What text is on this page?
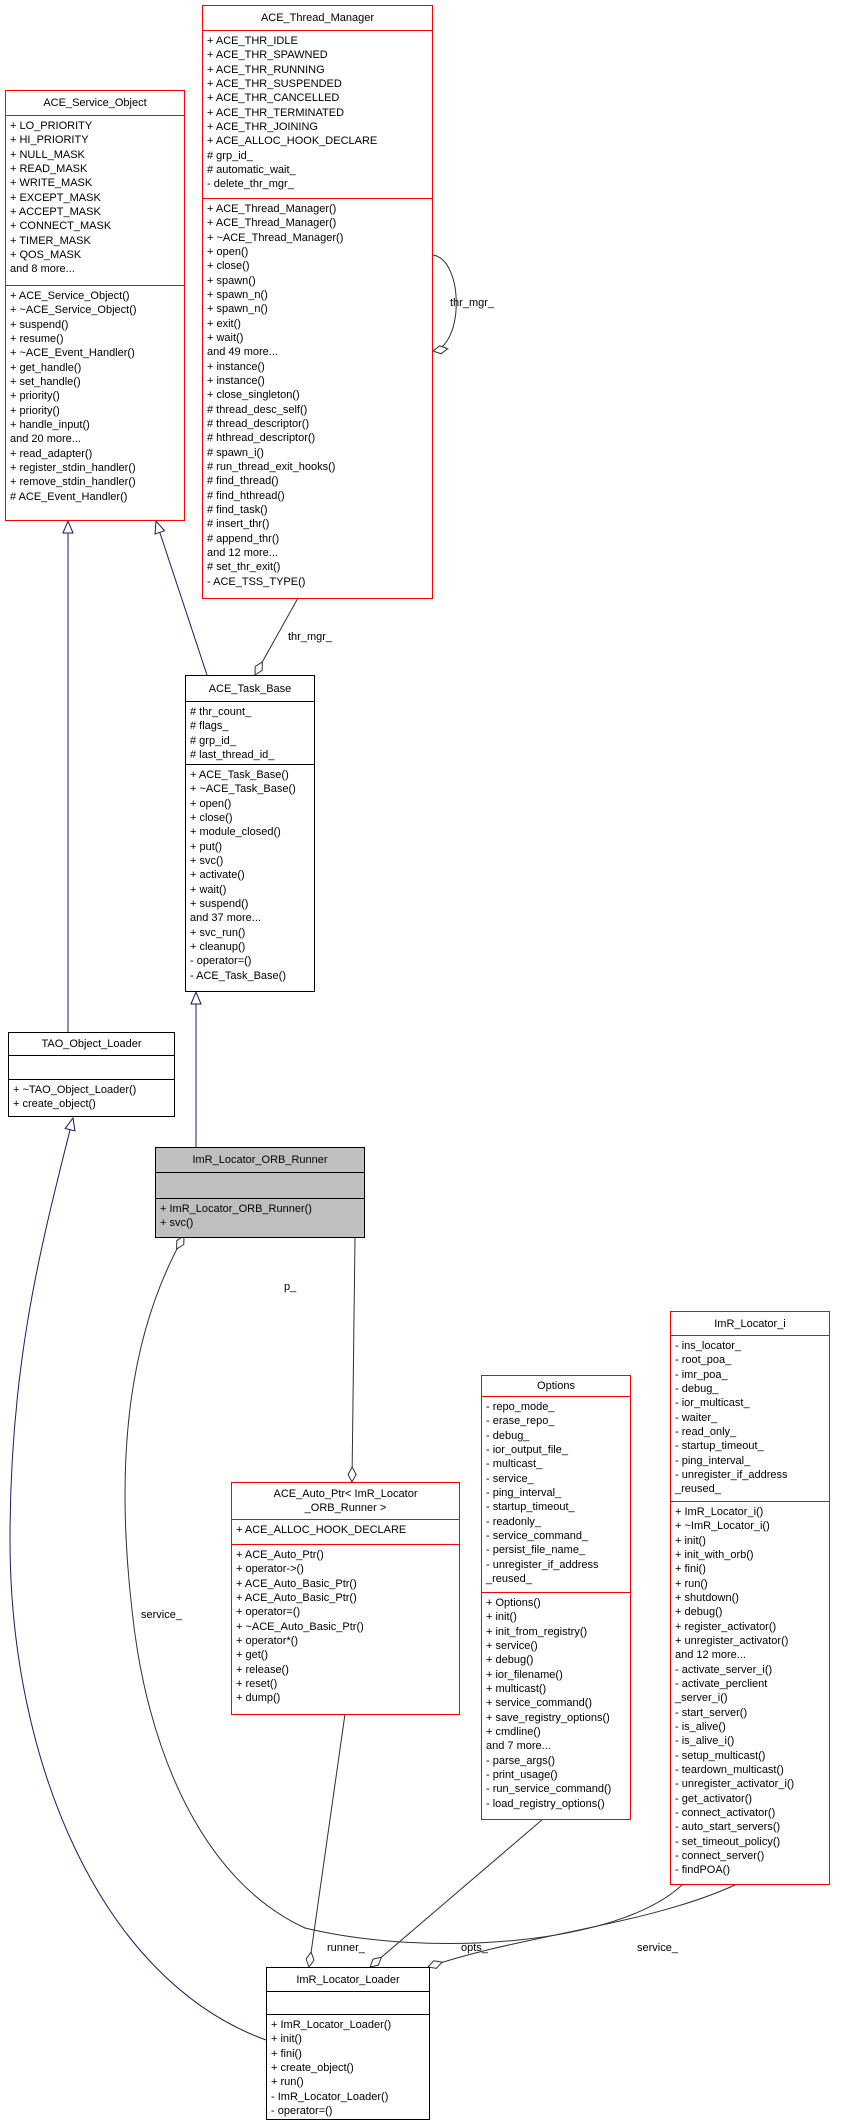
ACE_Thread_Manager
+ ACE_THR_IDLE
+ ACE_THR_SPAWNED
+ ACE_THR_RUNNING
+ ACE_THR_SUSPENDED
+ ACE_THR_CANCELLED
+ ACE_THR_TERMINATED
+ ACE_THR_JOINING
+ ACE_ALLOC_HOOK_DECLARE
# grp_id_
# automatic_wait_
- delete_thr_mgr_
+ ACE_Thread_Manager()
+ ACE_Thread_Manager()
+ ~ACE_Thread_Manager()
+ open()
+ close()
+ spawn()
+ spawn_n()
+ spawn_n()
+ exit()
+ wait()
and 49 more...
+ instance()
+ instance()
+ close_singleton()
# thread_desc_self()
# thread_descriptor()
# hthread_descriptor()
# spawn_i()
# run_thread_exit_hooks()
# find_thread()
# find_hthread()
# find_task()
# insert_thr()
# append_thr()
and 12 more...
# set_thr_exit()
- ACE_TSS_TYPE()
ACE_Service_Object
+ LO_PRIORITY
+ HI_PRIORITY
+ NULL_MASK
+ READ_MASK
+ WRITE_MASK
+ EXCEPT_MASK
+ ACCEPT_MASK
+ CONNECT_MASK
+ TIMER_MASK
+ QOS_MASK
and 8 more...
+ ACE_Service_Object()
+ ~ACE_Service_Object()
+ suspend()
+ resume()
+ ~ACE_Event_Handler()
+ get_handle()
+ set_handle()
+ priority()
+ priority()
+ handle_input()
and 20 more...
+ read_adapter()
+ register_stdin_handler()
+ remove_stdin_handler()
# ACE_Event_Handler()
ACE_Task_Base
# thr_count_
# flags_
# grp_id_
# last_thread_id_
+ ACE_Task_Base()
+ ~ACE_Task_Base()
+ open()
+ close()
+ module_closed()
+ put()
+ svc()
+ activate()
+ wait()
+ suspend()
and 37 more...
+ svc_run()
+ cleanup()
- operator=()
- ACE_Task_Base()
TAO_Object_Loader
+ ~TAO_Object_Loader()
+ create_object()
ImR_Locator_ORB_Runner
+ ImR_Locator_ORB_Runner()
+ svc()
ACE_Auto_Ptr< ImR_Locator
_ORB_Runner >
+ ACE_ALLOC_HOOK_DECLARE
+ ACE_Auto_Ptr()
+ operator->()
+ ACE_Auto_Basic_Ptr()
+ ACE_Auto_Basic_Ptr()
+ operator=()
+ ~ACE_Auto_Basic_Ptr()
+ operator*()
+ get()
+ release()
+ reset()
+ dump()
Options
- repo_mode_
- erase_repo_
- debug_
- ior_output_file_
- multicast_
- service_
- ping_interval_
- startup_timeout_
- readonly_
- service_command_
- persist_file_name_
- unregister_if_address
_reused_
+ Options()
+ init()
+ init_from_registry()
+ service()
+ debug()
+ ior_filename()
+ multicast()
+ service_command()
+ save_registry_options()
+ cmdline()
and 7 more...
- parse_args()
- print_usage()
- run_service_command()
- load_registry_options()
ImR_Locator_i
- ins_locator_
- root_poa_
- imr_poa_
- debug_
- ior_multicast_
- waiter_
- read_only_
- startup_timeout_
- ping_interval_
- unregister_if_address
_reused_
+ ImR_Locator_i()
+ ~ImR_Locator_i()
+ init()
+ init_with_orb()
+ fini()
+ run()
+ shutdown()
+ debug()
+ register_activator()
+ unregister_activator()
and 12 more...
- activate_server_i()
- activate_perclient
_server_i()
- start_server()
- is_alive()
- is_alive_i()
- setup_multicast()
- teardown_multicast()
- unregister_activator_i()
- get_activator()
- connect_activator()
- auto_start_servers()
- set_timeout_policy()
- connect_server()
- findPOA()
ImR_Locator_Loader
+ ImR_Locator_Loader()
+ init()
+ fini()
+ create_object()
+ run()
- ImR_Locator_Loader()
- operator=()
thr_mgr_
thr_mgr_
p_
service_
runner_	opts_	service_
